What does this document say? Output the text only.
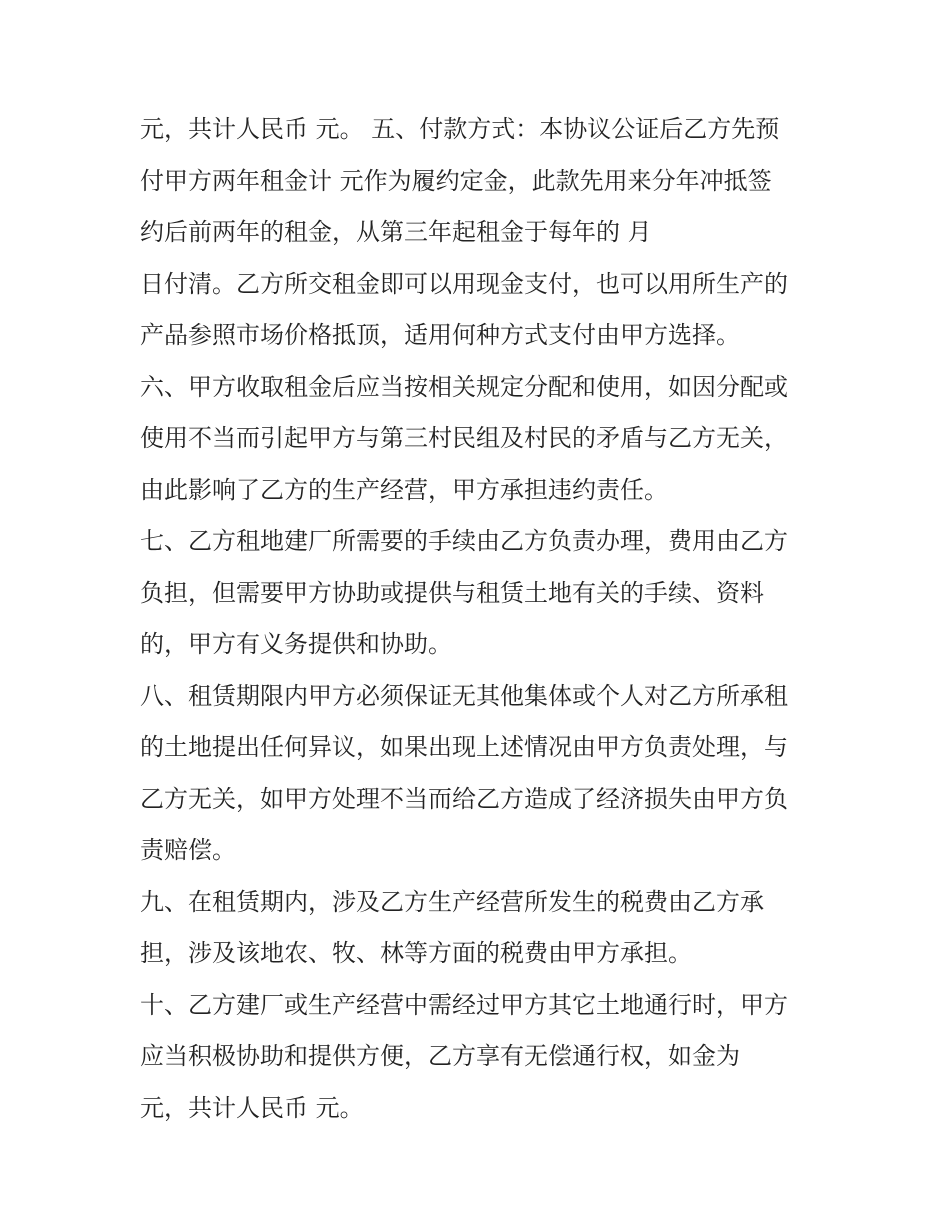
元，共计人民币 元。 五、付款方式：本协议公证后乙方先预
付甲方两年租金计 元作为履约定金，此款先用来分年冲抵签
约后前两年的租金，从第三年起租金于每年的 月
日付清。乙方所交租金即可以用现金支付，也可以用所生产的
产品参照市场价格抵顶，适用何种方式支付由甲方选择。
六、甲方收取租金后应当按相关规定分配和使用，如因分配或
使用不当而引起甲方与第三村民组及村民的矛盾与乙方无关，
由此影响了乙方的生产经营，甲方承担违约责任。
七、乙方租地建厂所需要的手续由乙方负责办理，费用由乙方
负担，但需要甲方协助或提供与租赁土地有关的手续、资料
的，甲方有义务提供和协助。
八、租赁期限内甲方必须保证无其他集体或个人对乙方所承租
的土地提出任何异议，如果出现上述情况由甲方负责处理，与
乙方无关，如甲方处理不当而给乙方造成了经济损失由甲方负
责赔偿。
九、在租赁期内，涉及乙方生产经营所发生的税费由乙方承
担，涉及该地农、牧、林等方面的税费由甲方承担。
十、乙方建厂或生产经营中需经过甲方其它土地通行时，甲方
应当积极协助和提供方便，乙方享有无偿通行权，如金为
元，共计人民币 元。
